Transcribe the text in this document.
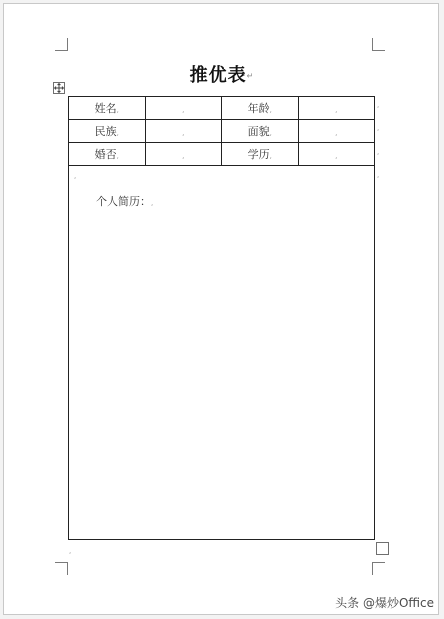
推优表↵
姓名,	,	年龄,	,
民族,	,	面貌,	,
婚否,	,	学历,	,
,
,
,
,
,
个人简历：,
,
头条 @爆炒Office
